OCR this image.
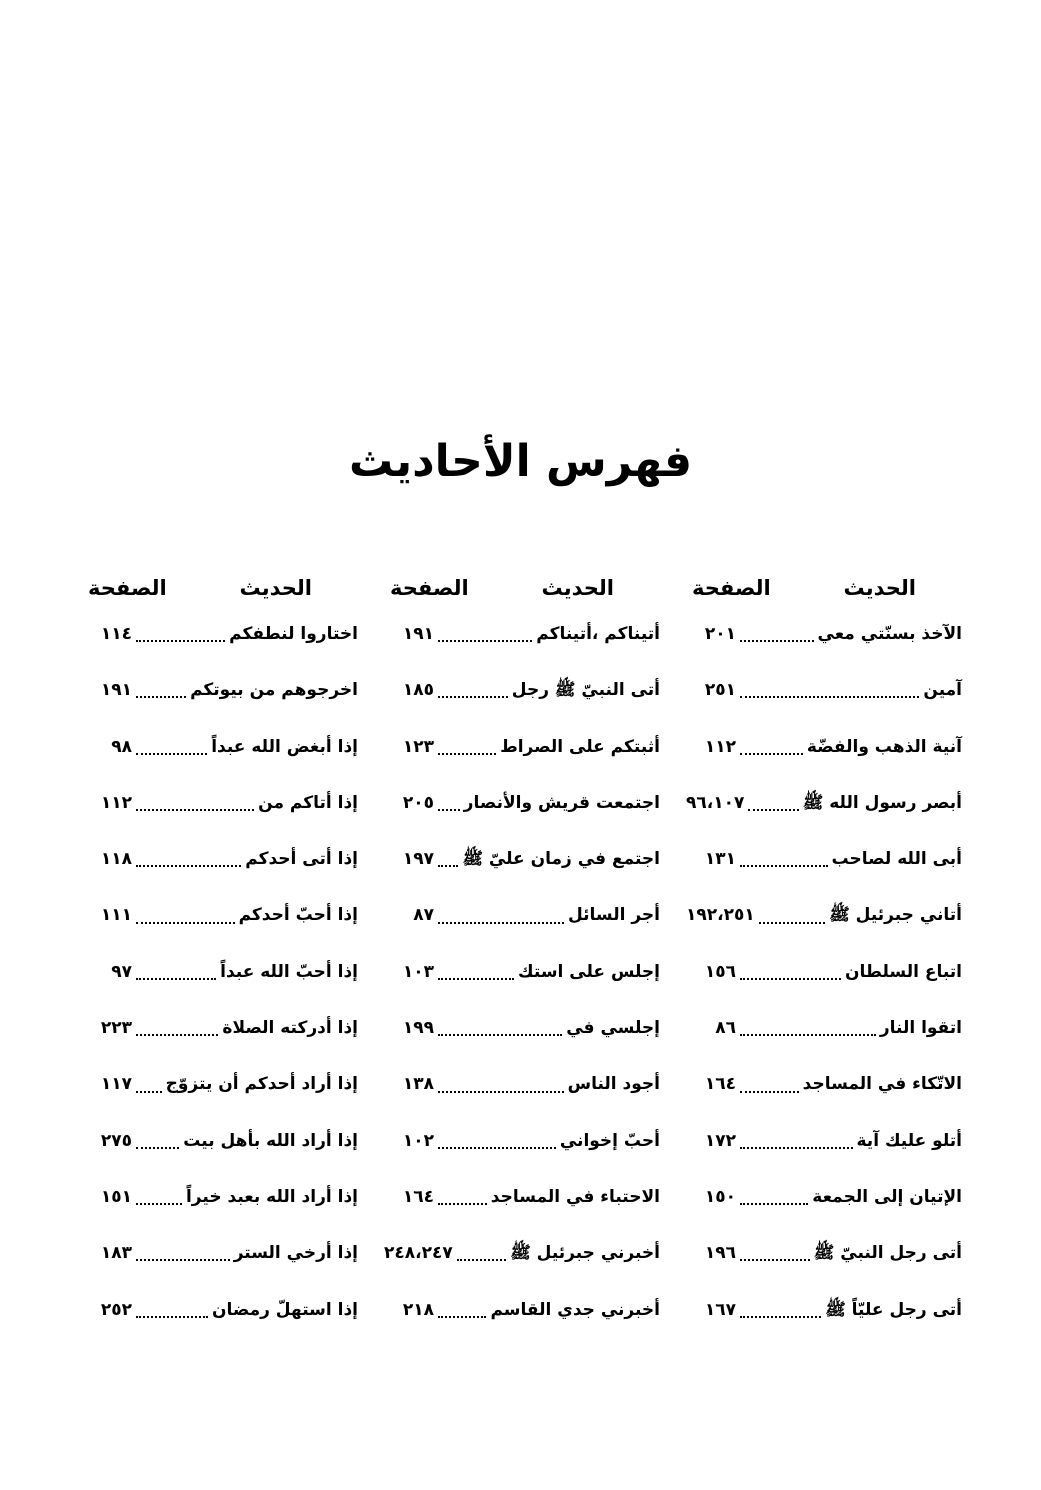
فهرس الأحاديث
الحديث
الصفحة
الآخذ بسنّتي معي
٢٠١
آمين
٢٥١
آنية الذهب والفضّة
١١٢
أبصر رسول الله ﷺ
٩٦،١٠٧
أبى الله لصاحب
١٣١
أتاني جبرئيل ﷺ
١٩٢،٢٥١
اتباع السلطان
١٥٦
اتقوا النار
٨٦
الاتّكاء في المساجد
١٦٤
أتلو عليك آية
١٧٢
الإتيان إلى الجمعة
١٥٠
أتى رجل النبيّ ﷺ
١٩٦
أتى رجل عليّاً ﷺ
١٦٧
الحديث
الصفحة
أتيناكم ،أتيناكم
١٩١
أتى النبيّ ﷺ رجل
١٨٥
أثبتكم على الصراط
١٢٣
اجتمعت قريش والأنصار
٢٠٥
اجتمع في زمان عليّ ﷺ
١٩٧
أجر السائل
٨٧
إجلس على استك
١٠٣
إجلسي في
١٩٩
أجود الناس
١٣٨
أحبّ إخواني
١٠٢
الاحتباء في المساجد
١٦٤
أخبرني جبرئيل ﷺ
٢٤٨،٢٤٧
أخبرني جدي القاسم
٢١٨
الحديث
الصفحة
اختاروا لنطفكم
١١٤
اخرجوهم من بيوتكم
١٩١
إذا أبغض الله عبداً
٩٨
إذا أتاكم من
١١٢
إذا أتى أحدكم
١١٨
إذا أحبّ أحدكم
١١١
إذا أحبّ الله عبداً
٩٧
إذا أدركته الصلاة
٢٢٣
إذا أراد أحدكم أن يتزوّج
١١٧
إذا أراد الله بأهل بيت
٢٧٥
إذا أراد الله بعبد خيراً
١٥١
إذا أرخي الستر
١٨٣
إذا استهلّ رمضان
٢٥٢
